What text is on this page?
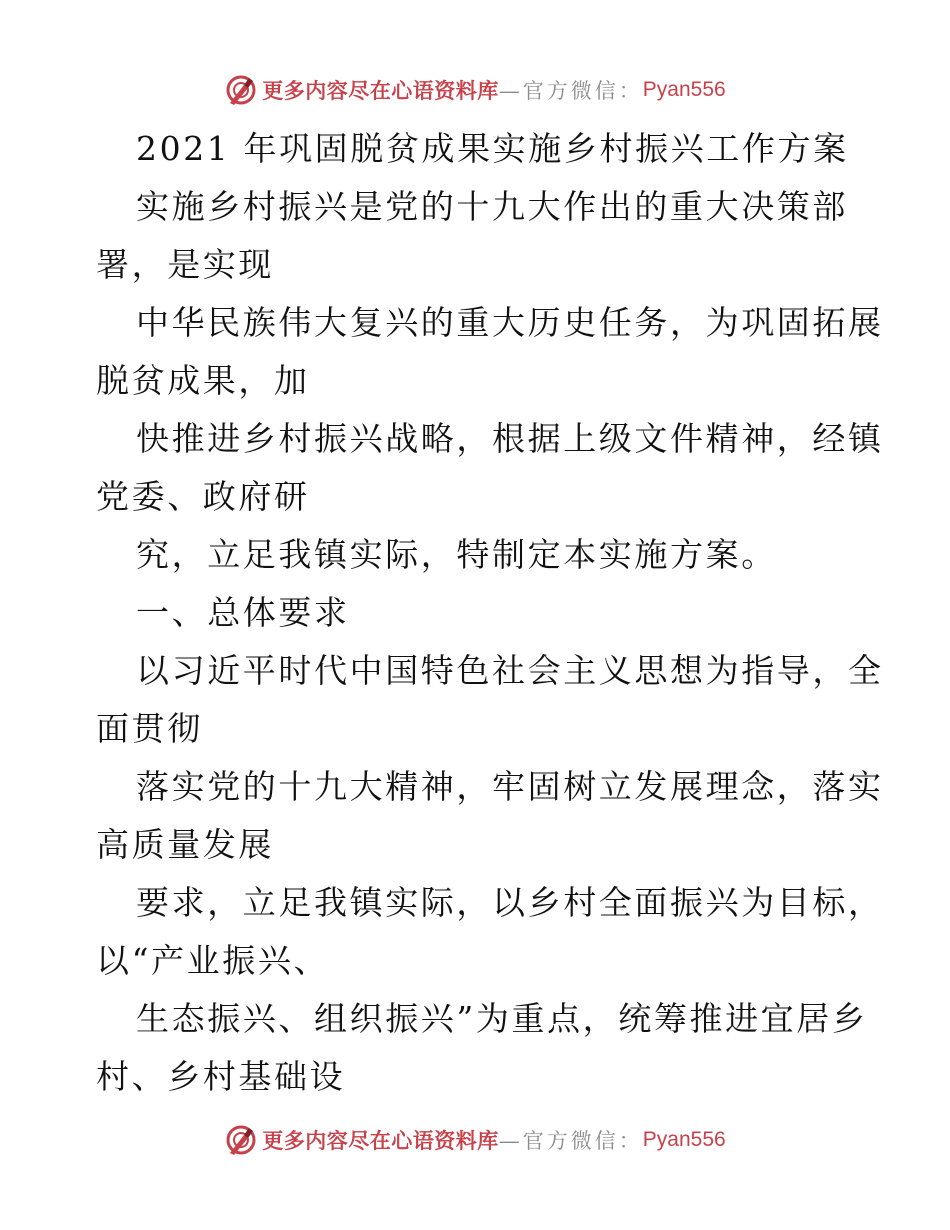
更多内容尽在心语资料库 —官方微信： Pyan556
2021 年巩固脱贫成果实施乡村振兴工作方案
实施乡村振兴是党的十九大作出的重大决策部
署，是实现
中华民族伟大复兴的重大历史任务，为巩固拓展
脱贫成果，加
快推进乡村振兴战略，根据上级文件精神，经镇
党委、政府研
究，立足我镇实际，特制定本实施方案。
一、总体要求
以习近平时代中国特色社会主义思想为指导，全
面贯彻
落实党的十九大精神，牢固树立发展理念，落实
高质量发展
要求，立足我镇实际，以乡村全面振兴为目标，
以“产业振兴、
生态振兴、组织振兴”为重点，统筹推进宜居乡
村、乡村基础设
更多内容尽在心语资料库 —官方微信： Pyan556
